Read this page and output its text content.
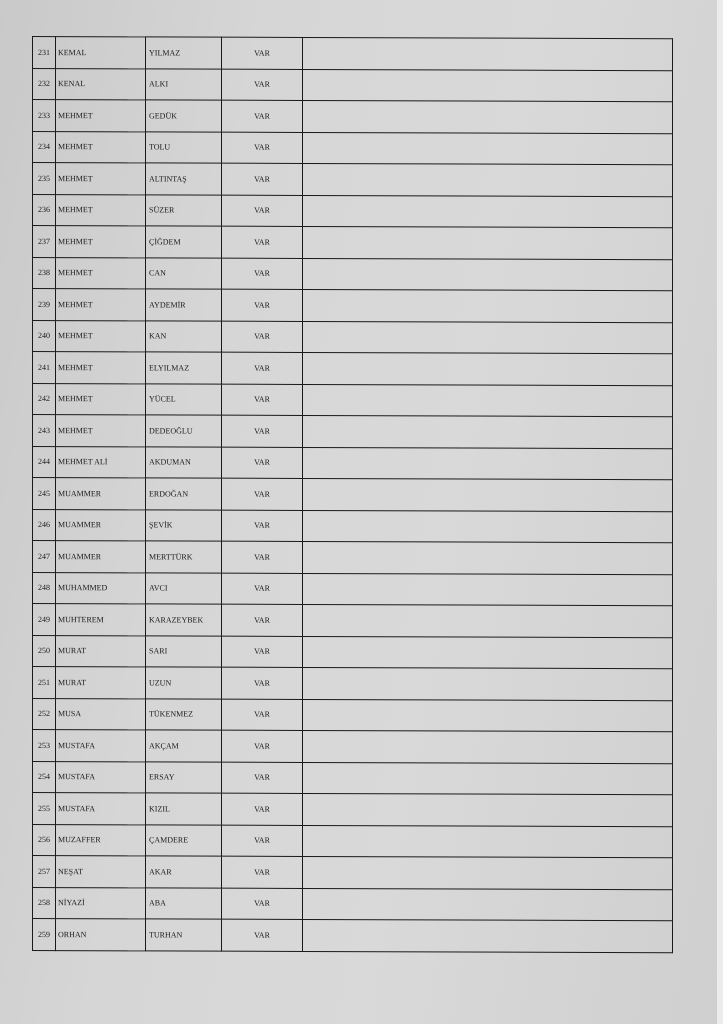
231	KEMAL	YILMAZ	VAR	
232	KENAL	ALKI	VAR	
233	MEHMET	GEDÜK	VAR	
234	MEHMET	TOLU	VAR	
235	MEHMET	ALTINTAŞ	VAR	
236	MEHMET	SÜZER	VAR	
237	MEHMET	ÇİĞDEM	VAR	
238	MEHMET	CAN	VAR	
239	MEHMET	AYDEMİR	VAR	
240	MEHMET	KAN	VAR	
241	MEHMET	ELYILMAZ	VAR	
242	MEHMET	YÜCEL	VAR	
243	MEHMET	DEDEOĞLU	VAR	
244	MEHMET ALİ	AKDUMAN	VAR	
245	MUAMMER	ERDOĞAN	VAR	
246	MUAMMER	ŞEVİK	VAR	
247	MUAMMER	MERTTÜRK	VAR	
248	MUHAMMED	AVCI	VAR	
249	MUHTEREM	KARAZEYBEK	VAR	
250	MURAT	SARI	VAR	
251	MURAT	UZUN	VAR	
252	MUSA	TÜKENMEZ	VAR	
253	MUSTAFA	AKÇAM	VAR	
254	MUSTAFA	ERSAY	VAR	
255	MUSTAFA	KIZIL	VAR	
256	MUZAFFER	ÇAMDERE	VAR	
257	NEŞAT	AKAR	VAR	
258	NİYAZİ	ABA	VAR	
259	ORHAN	TURHAN	VAR	
